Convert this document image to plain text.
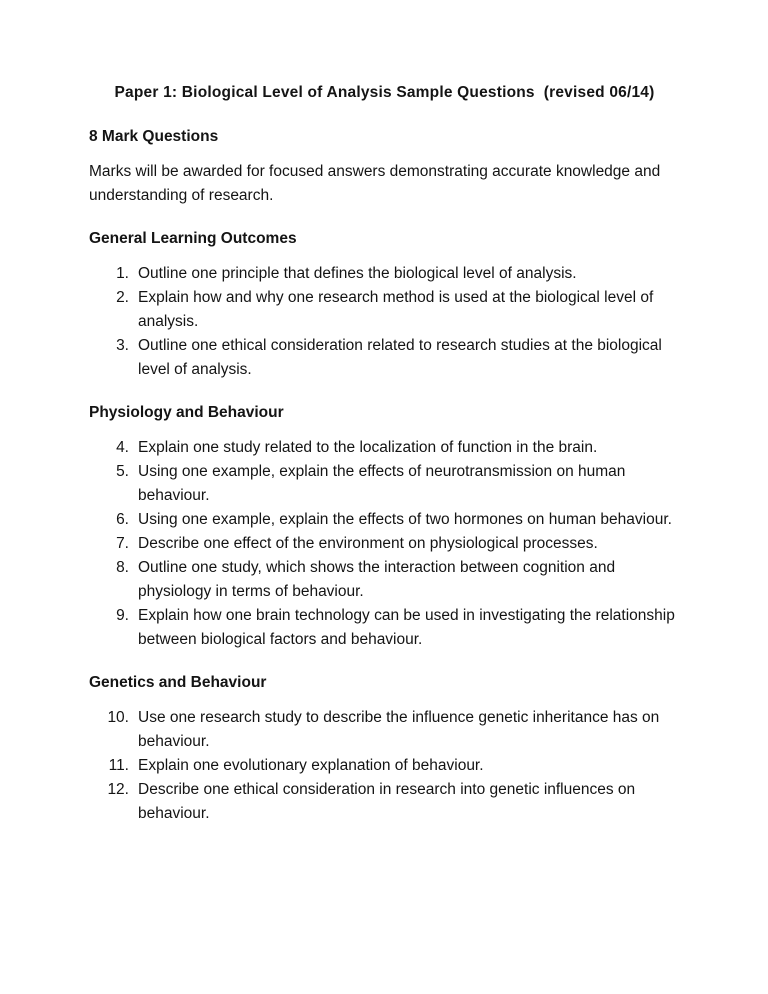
Paper 1: Biological Level of Analysis Sample Questions  (revised 06/14)
8 Mark Questions

Marks will be awarded for focused answers demonstrating accurate knowledge and understanding of research.

General Learning Outcomes
1. Outline one principle that defines the biological level of analysis.
2. Explain how and why one research method is used at the biological level of analysis.
3. Outline one ethical consideration related to research studies at the biological level of analysis.
Physiology and Behaviour
4. Explain one study related to the localization of function in the brain.
5. Using one example, explain the effects of neurotransmission on human behaviour.
6. Using one example, explain the effects of two hormones on human behaviour.
7. Describe one effect of the environment on physiological processes.
8. Outline one study, which shows the interaction between cognition and physiology in terms of behaviour.
9. Explain how one brain technology can be used in investigating the relationship between biological factors and behaviour.
Genetics and Behaviour
10. Use one research study to describe the influence genetic inheritance has on behaviour.
11. Explain one evolutionary explanation of behaviour.
12. Describe one ethical consideration in research into genetic influences on behaviour.
